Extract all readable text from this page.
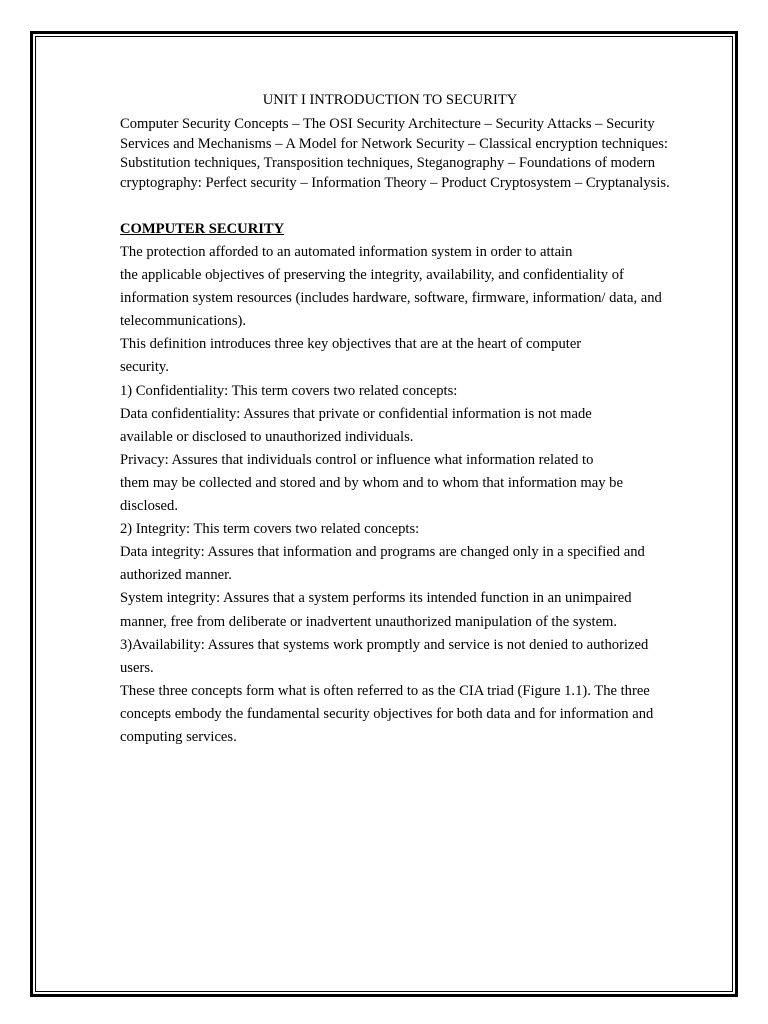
UNIT I INTRODUCTION TO SECURITY
Computer Security Concepts – The OSI Security Architecture – Security Attacks – Security
Services and Mechanisms – A Model for Network Security – Classical encryption techniques:
Substitution techniques, Transposition techniques, Steganography – Foundations of modern
cryptography: Perfect security – Information Theory – Product Cryptosystem – Cryptanalysis.
COMPUTER SECURITY
The protection afforded to an automated information system in order to attain
the applicable objectives of preserving the integrity, availability, and confidentiality of
information system resources (includes hardware, software, firmware, information/ data, and
telecommunications).
This definition introduces three key objectives that are at the heart of computer
security.
1) Confidentiality: This term covers two related concepts:
Data confidentiality: Assures that private or confidential information is not made
available or disclosed to unauthorized individuals.
Privacy: Assures that individuals control or influence what information related to
them may be collected and stored and by whom and to whom that information may be
disclosed.
2) Integrity: This term covers two related concepts:
Data integrity: Assures that information and programs are changed only in a specified and
authorized manner.
System integrity: Assures that a system performs its intended function in an unimpaired
manner, free from deliberate or inadvertent unauthorized manipulation of the system.
3)Availability: Assures that systems work promptly and service is not denied to authorized
users.
These three concepts form what is often referred to as the CIA triad (Figure 1.1). The three
concepts embody the fundamental security objectives for both data and for information and
computing services.
